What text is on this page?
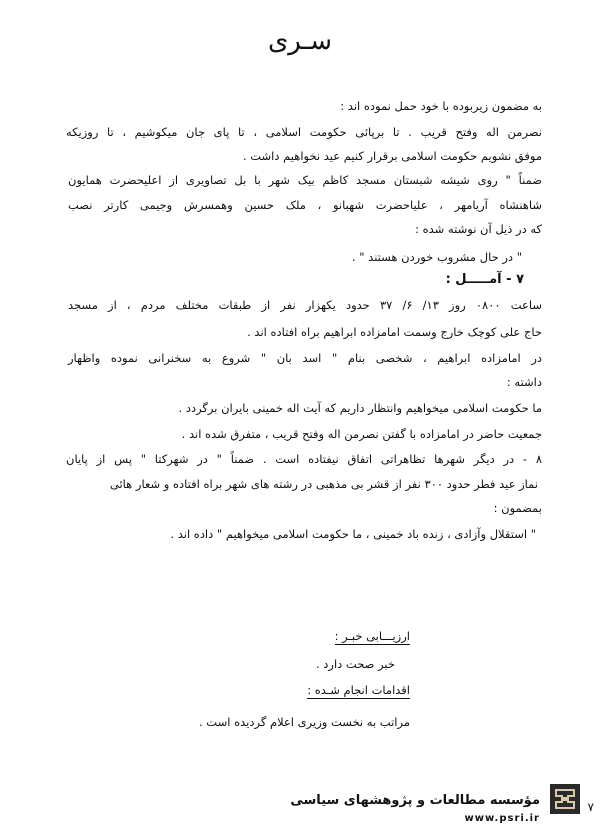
سـرى
به مضمون زیربوده با خود حمل نموده اند :
نصرمن اله وفتح قریب . تا برپائی حکومت اسلامی ، تا پای جان میکوشیم ، تا روزیکه
موفق نشویم حکومت اسلامی برقرار کنیم عید نخواهیم داشت .
ضمناً " روی شیشه شبستان مسجد کاظم بیک شهر با بل تصاویری از اعلیحضرت همایون
شاهنشاه آریامهر ، علیاحضرت شهبانو ، ملک حسین وهمسرش وجیمی کارتر نصب
که در ذیل آن نوشته شده :
" در حال مشروب خوردن هستند " .
۷ - آمـــــل :
ساعت ۰۸۰۰ روز ۱۳/ ۶/ ۳۷ حدود یکهزار نفر از طبقات مختلف مردم ، از مسجد
حاج علی کوچک خارج وسمت امامزاده ابراهیم براه افتاده اند .
در امامزاده ابراهیم ، شخصی بنام " اسد بان " شروع به سخنرانی نموده واظهار
داشته :
ما حکومت اسلامی میخواهیم وانتظار داریم که آیت اله خمینی بایران برگردد .
جمعیت حاضر در امامزاده با گفتن نصرمن اله وفتح قریب ، متفرق شده اند .
۸ - در دیگر شهرها تظاهراتی اتفاق نیفتاده است . ضمناً " در شهرکتا " پس از پایان
نماز عید فطر حدود ۳۰۰ نفر از قشر بی مذهبی در رشته های شهر براه افتاده و شعار هائی
بمضمون :
" استقلال وآزادی ، زنده باد خمینی ، ما حکومت اسلامی میخواهیم " داده اند .
ارزیـــابی خبـر :
خبر صحت دارد .
اقدامات انجام شـده :
مراتب به نخست وزیری اعلام گردیده است .
مؤسسه مطالعات و پژوهشهای سیاسی
www.psri.ir
۷
